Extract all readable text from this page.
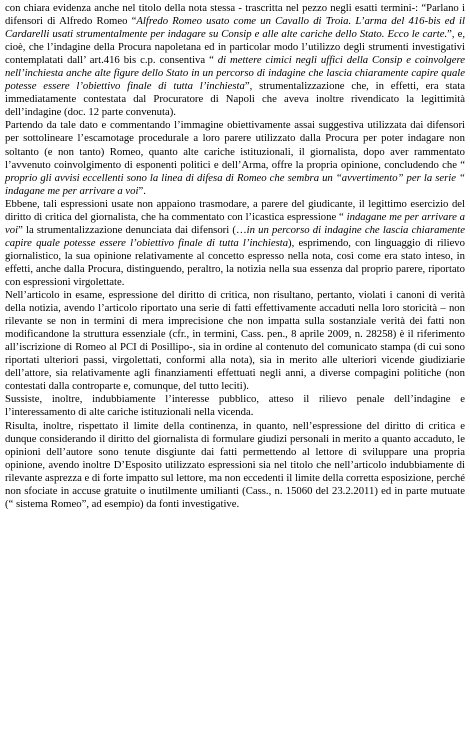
con chiara evidenza anche nel titolo della nota stessa - trascritta nel pezzo negli esatti termini-: “Parlano i difensori di Alfredo Romeo “Alfredo Romeo usato come un Cavallo di Troia. L’arma del 416-bis ed il Cardarelli usati strumentalmente per indagare su Consip e alle alte cariche dello Stato. Ecco le carte.”, e, cioè, che l’indagine della Procura napoletana ed in particolar modo l’utilizzo degli strumenti investigativi contemplatati dall’ art.416 bis c.p. consentiva “ di mettere cimici negli uffici della Consip e coinvolgere nell’inchiesta anche alte figure dello Stato in un percorso di indagine che lascia chiaramente capire quale potesse essere l’obiettivo finale di tutta l’inchiesta”, strumentalizzazione che, in effetti, era stata immediatamente contestata dal Procuratore di Napoli che aveva inoltre rivendicato la legittimità dell’indagine (doc. 12 parte convenuta).

Partendo da tale dato e commentando l’immagine obiettivamente assai suggestiva utilizzata dai difensori per sottolineare l’escamotage procedurale a loro parere utilizzato dalla Procura per poter indagare non soltanto (e non tanto) Romeo, quanto alte cariche istituzionali, il giornalista, dopo aver rammentato l’avvenuto coinvolgimento di esponenti politici e dell’Arma, offre la propria opinione, concludendo che “ proprio gli avvisi eccellenti sono la linea di difesa di Romeo che sembra un “avvertimento” per la serie “ indagane me per arrivare a voi”.

Ebbene, tali espressioni usate non appaiono trasmodare, a parere del giudicante, il legittimo esercizio del diritto di critica del giornalista, che ha commentato con l’icastica espressione “ indagane me per arrivare a voi” la strumentalizzazione denunciata dai difensori (…in un percorso di indagine che lascia chiaramente capire quale potesse essere l’obiettivo finale di tutta l’inchiesta), esprimendo, con linguaggio di rilievo giornalistico, la sua opinione relativamente al concetto espresso nella nota, così come era stato inteso, in effetti, anche dalla Procura, distinguendo, peraltro, la notizia nella sua essenza dal proprio parere, riportato con espressioni virgolettate.

Nell’articolo in esame, espressione del diritto di critica, non risultano, pertanto, violati i canoni di verità della notizia, avendo l’articolo riportato una serie di fatti effettivamente accaduti nella loro storicità – non rilevante se non in termini di mera imprecisione che non impatta sulla sostanziale verità dei fatti non modificandone la struttura essenziale (cfr., in termini, Cass. pen., 8 aprile 2009, n. 28258) è il riferimento all’iscrizione di Romeo al PCI di Posillipo-, sia in ordine al contenuto del comunicato stampa (di cui sono riportati ulteriori passi, virgolettati, conformi alla nota), sia in merito alle ulteriori vicende giudiziarie dell’attore, sia relativamente agli finanziamenti effettuati negli anni, a diverse compagini politiche (non contestati dalla controparte e, comunque, del tutto leciti).

Sussiste, inoltre, indubbiamente l’interesse pubblico, atteso il rilievo penale dell’indagine e l’interessamento di alte cariche istituzionali nella vicenda.

Risulta, inoltre, rispettato il limite della continenza, in quanto, nell’espressione del diritto di critica e dunque considerando il diritto del giornalista di formulare giudizi personali in merito a quanto accaduto, le opinioni dell’autore sono tenute disgiunte dai fatti permettendo al lettore di sviluppare una propria opinione, avendo inoltre D’Esposito utilizzato espressioni sia nel titolo che nell’articolo indubbiamente di rilevante asprezza e di forte impatto sul lettore, ma non eccedenti il limite della corretta esposizione, perché non sfociate in accuse gratuite o inutilmente umilianti (Cass., n. 15060 del 23.2.2011) ed in parte mutuate (“ sistema Romeo”, ad esempio) da fonti investigative.
